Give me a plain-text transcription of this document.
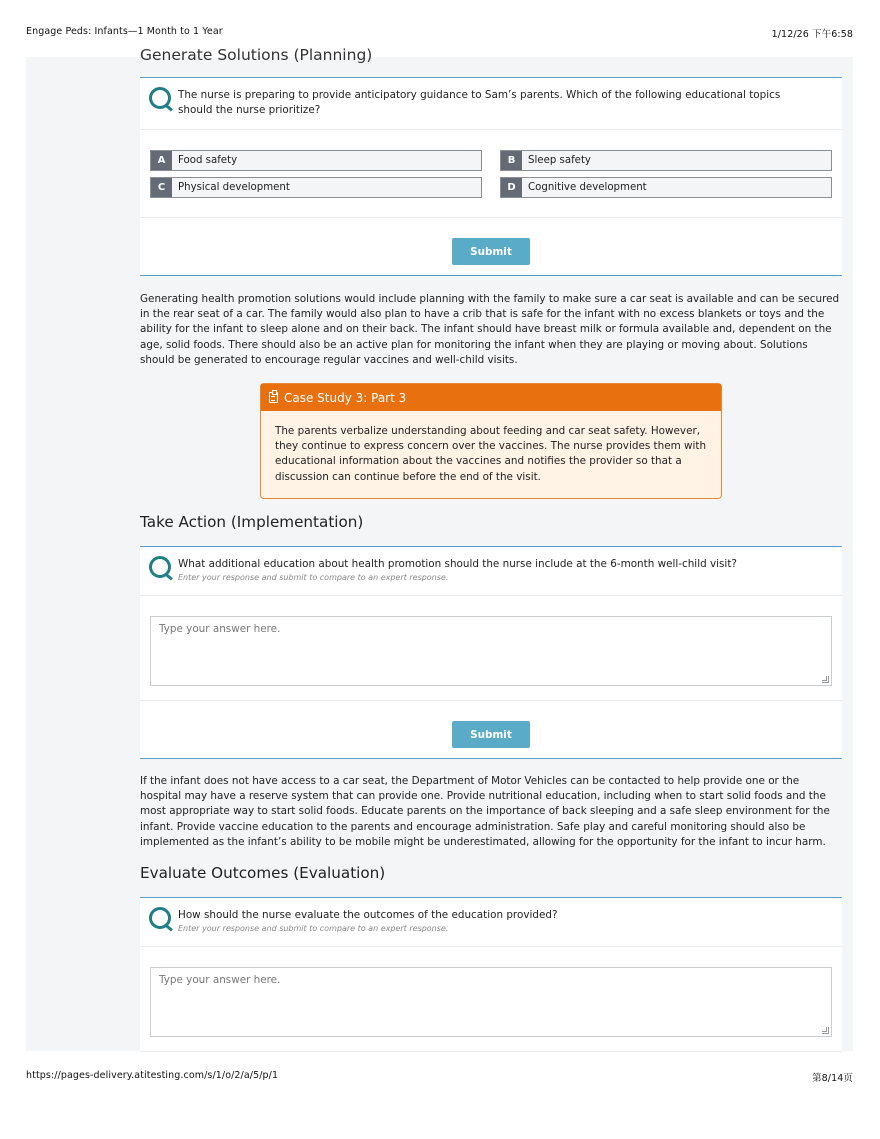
Engage Peds: Infants—1 Month to 1 Year	1/12/26 下午6:58
Generate Solutions (Planning)
The nurse is preparing to provide anticipatory guidance to Sam’s parents. Which of the following educational topics should the nurse prioritize?
A	Food safety	B	Sleep safety
C	Physical development	D	Cognitive development
Submit
Generating health promotion solutions would include planning with the family to make sure a car seat is available and can be secured in the rear seat of a car. The family would also plan to have a crib that is safe for the infant with no excess blankets or toys and the ability for the infant to sleep alone and on their back. The infant should have breast milk or formula available and, dependent on the age, solid foods. There should also be an active plan for monitoring the infant when they are playing or moving about. Solutions should be generated to encourage regular vaccines and well-child visits.
Case Study 3: Part 3
The parents verbalize understanding about feeding and car seat safety. However, they continue to express concern over the vaccines. The nurse provides them with educational information about the vaccines and notifies the provider so that a discussion can continue before the end of the visit.
Take Action (Implementation)
What additional education about health promotion should the nurse include at the 6-month well-child visit?
Enter your response and submit to compare to an expert response.
Type your answer here.
Submit
If the infant does not have access to a car seat, the Department of Motor Vehicles can be contacted to help provide one or the hospital may have a reserve system that can provide one. Provide nutritional education, including when to start solid foods and the most appropriate way to start solid foods. Educate parents on the importance of back sleeping and a safe sleep environment for the infant. Provide vaccine education to the parents and encourage administration. Safe play and careful monitoring should also be implemented as the infant’s ability to be mobile might be underestimated, allowing for the opportunity for the infant to incur harm.
Evaluate Outcomes (Evaluation)
How should the nurse evaluate the outcomes of the education provided?
Enter your response and submit to compare to an expert response.
Type your answer here.
https://pages-delivery.atitesting.com/s/1/o/2/a/5/p/1	第8/14页
